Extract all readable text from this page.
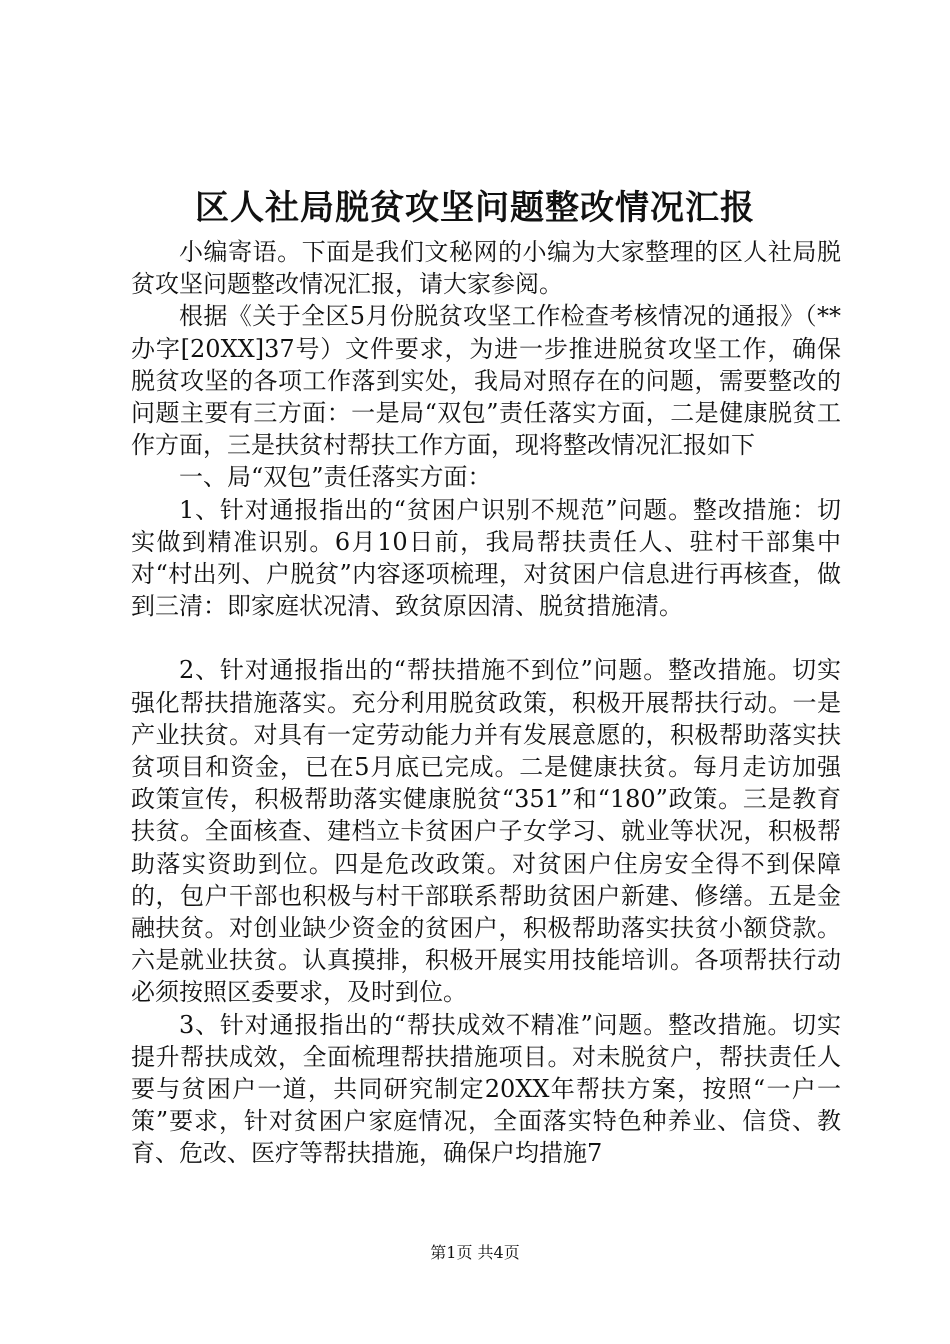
区人社局脱贫攻坚问题整改情况汇报

小编寄语。下面是我们文秘网的小编为大家整理的区人社局脱贫攻坚问题整改情况汇报，请大家参阅。

根据《关于全区5月份脱贫攻坚工作检查考核情况的通报》（**办字[20XX]37号）文件要求，为进一步推进脱贫攻坚工作，确保脱贫攻坚的各项工作落到实处，我局对照存在的问题，需要整改的问题主要有三方面：一是局“双包”责任落实方面，二是健康脱贫工作方面，三是扶贫村帮扶工作方面，现将整改情况汇报如下

一、局“双包”责任落实方面：

1、针对通报指出的“贫困户识别不规范”问题。整改措施：切实做到精准识别。6月10日前，我局帮扶责任人、驻村干部集中对“村出列、户脱贫”内容逐项梳理，对贫困户信息进行再核查，做到三清：即家庭状况清、致贫原因清、脱贫措施清。

2、针对通报指出的“帮扶措施不到位”问题。整改措施。切实强化帮扶措施落实。充分利用脱贫政策，积极开展帮扶行动。一是产业扶贫。对具有一定劳动能力并有发展意愿的，积极帮助落实扶贫项目和资金，已在5月底已完成。二是健康扶贫。每月走访加强政策宣传，积极帮助落实健康脱贫“351”和“180”政策。三是教育扶贫。全面核查、建档立卡贫困户子女学习、就业等状况，积极帮助落实资助到位。四是危改政策。对贫困户住房安全得不到保障的，包户干部也积极与村干部联系帮助贫困户新建、修缮。五是金融扶贫。对创业缺少资金的贫困户，积极帮助落实扶贫小额贷款。六是就业扶贫。认真摸排，积极开展实用技能培训。各项帮扶行动必须按照区委要求，及时到位。

3、针对通报指出的“帮扶成效不精准”问题。整改措施。切实提升帮扶成效，全面梳理帮扶措施项目。对未脱贫户，帮扶责任人要与贫困户一道，共同研究制定20XX年帮扶方案，按照“一户一策”要求，针对贫困户家庭情况，全面落实特色种养业、信贷、教育、危改、医疗等帮扶措施，确保户均措施7

第1页 共4页
